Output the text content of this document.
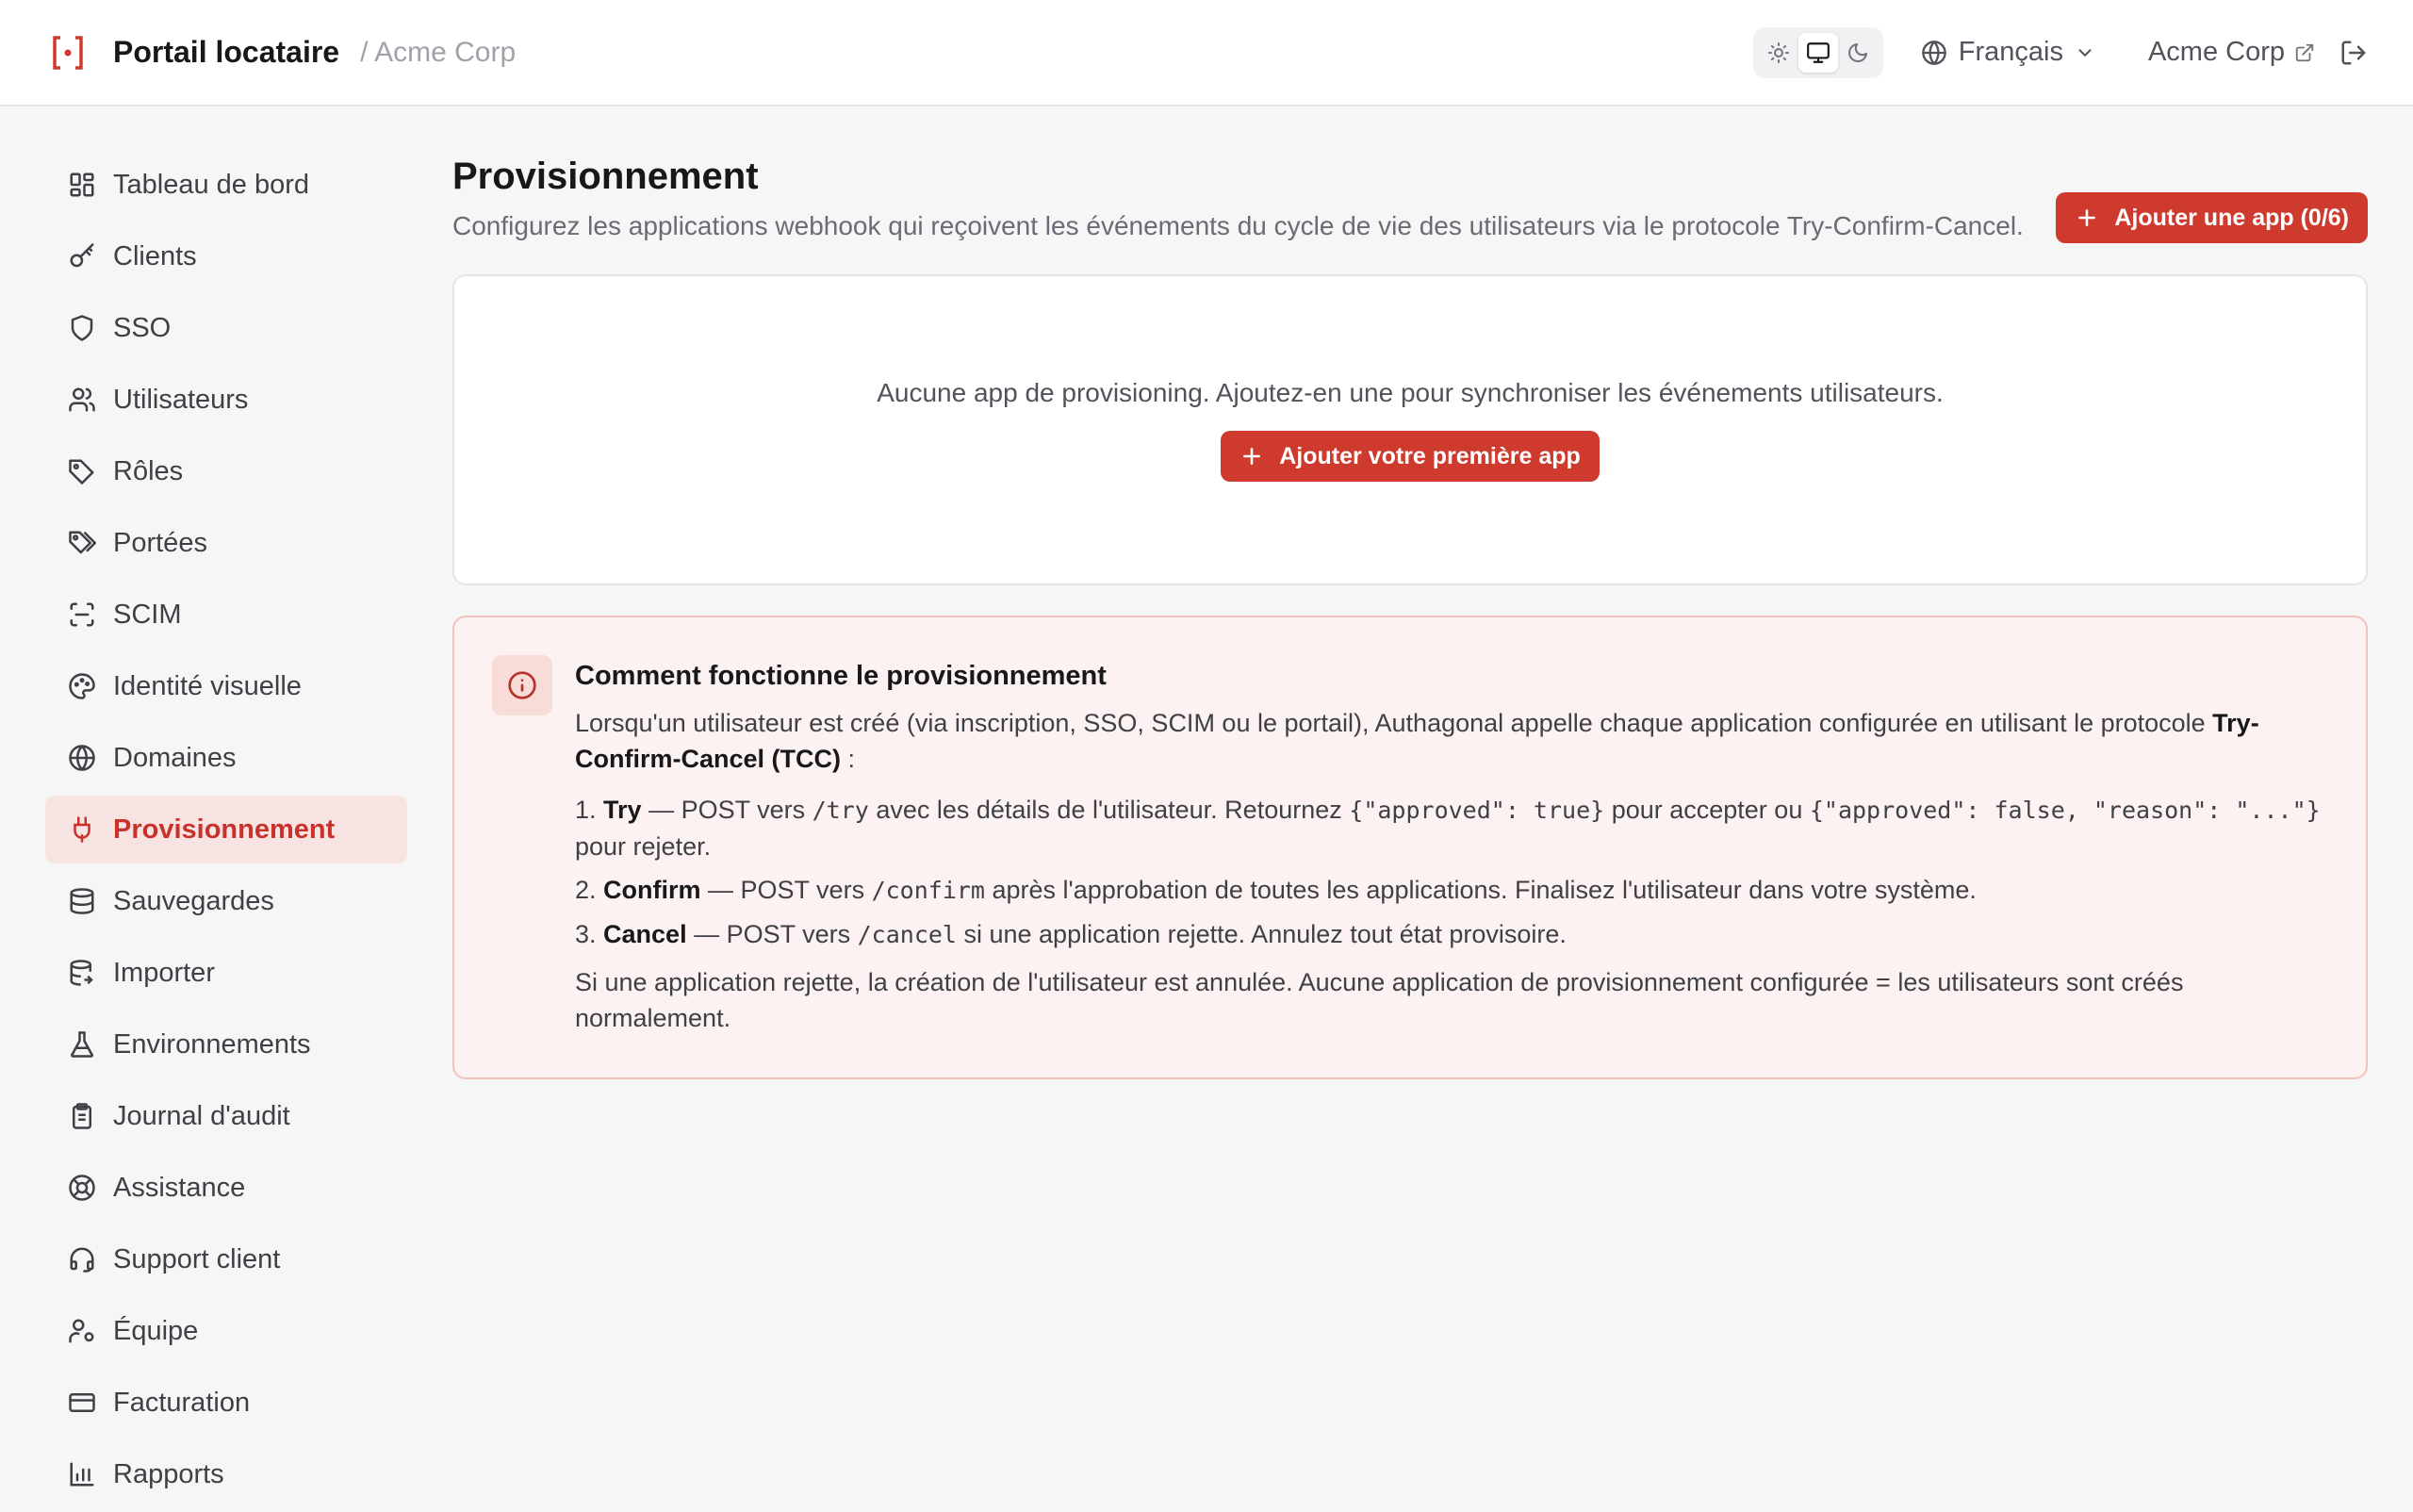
Portail locataire / Acme Corp	Français	Acme Corp
Tableau de bord
Clients
SSO
Utilisateurs
Rôles
Portées
SCIM
Identité visuelle
Domaines
Provisionnement
Sauvegardes
Importer
Environnements
Journal d'audit
Assistance
Support client
Équipe
Facturation
Rapports
Provisionnement

Configurez les applications webhook qui reçoivent les événements du cycle de vie des utilisateurs via le protocole Try-Confirm-Cancel.	Ajouter une app (0/6)

Aucune app de provisioning. Ajoutez-en une pour synchroniser les événements utilisateurs.

Ajouter votre première app
Comment fonctionne le provisionnement

Lorsqu'un utilisateur est créé (via inscription, SSO, SCIM ou le portail), Authagonal appelle chaque application configurée en utilisant le protocole Try-Confirm-Cancel (TCC) :

1. Try — POST vers /try avec les détails de l'utilisateur. Retournez {"approved": true} pour accepter ou {"approved": false, "reason": "..."} pour rejeter.

2. Confirm — POST vers /confirm après l'approbation de toutes les applications. Finalisez l'utilisateur dans votre système.

3. Cancel — POST vers /cancel si une application rejette. Annulez tout état provisoire.

Si une application rejette, la création de l'utilisateur est annulée. Aucune application de provisionnement configurée = les utilisateurs sont créés normalement.
